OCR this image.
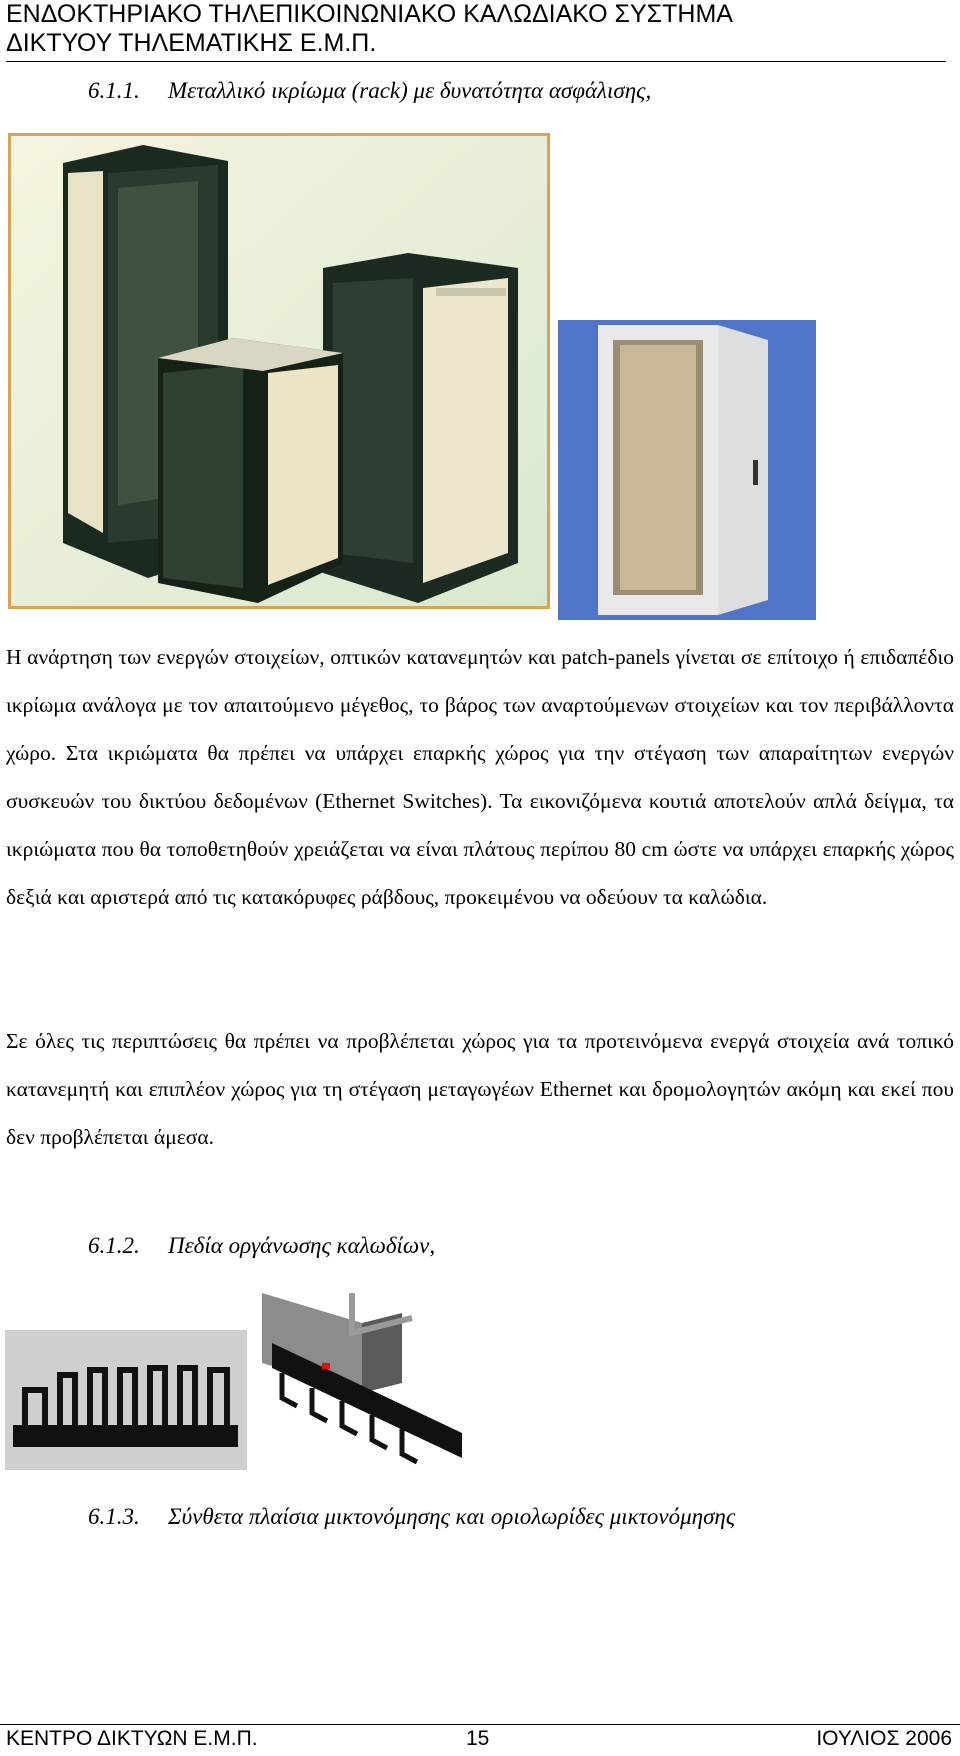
ΕΝΔΟΚΤΗΡΙΑΚΟ ΤΗΛΕΠΙΚΟΙΝΩΝΙΑΚΟ ΚΑΛΩΔΙΑΚΟ ΣΥΣΤΗΜΑ
ΔΙΚΤΥΟΥ ΤΗΛΕΜΑΤΙΚΗΣ Ε.Μ.Π.
6.1.1. Μεταλλικό ικρίωμα (rack) με δυνατότητα ασφάλισης,
Η ανάρτηση των ενεργών στοιχείων, οπτικών κατανεμητών και patch-panels γίνεται σε επίτοιχο ή επιδαπέδιο ικρίωμα ανάλογα με τον απαιτούμενο μέγεθος, το βάρος των αναρτούμενων στοιχείων και τον περιβάλλοντα χώρο. Στα ικριώματα θα πρέπει να υπάρχει επαρκής χώρος για την στέγαση των απαραίτητων ενεργών συσκευών του δικτύου δεδομένων (Ethernet Switches). Τα εικονιζόμενα κουτιά αποτελούν απλά δείγμα, τα ικριώματα που θα τοποθετηθούν χρειάζεται να είναι πλάτους περίπου 80 cm ώστε να υπάρχει επαρκής χώρος δεξιά και αριστερά από τις κατακόρυφες ράβδους, προκειμένου να οδεύουν τα καλώδια.
Σε όλες τις περιπτώσεις θα πρέπει να προβλέπεται χώρος για τα προτεινόμενα ενεργά στοιχεία ανά τοπικό κατανεμητή και επιπλέον χώρος για τη στέγαση μεταγωγέων Ethernet και δρομολογητών ακόμη και εκεί που δεν προβλέπεται άμεσα.
6.1.2. Πεδία οργάνωσης καλωδίων,
6.1.3. Σύνθετα πλαίσια μικτονόμησης και οριολωρίδες μικτονόμησης
ΚΕΝΤΡΟ ΔΙΚΤΥΩΝ Ε.Μ.Π.	15	ΙΟΥΛΙΟΣ 2006
